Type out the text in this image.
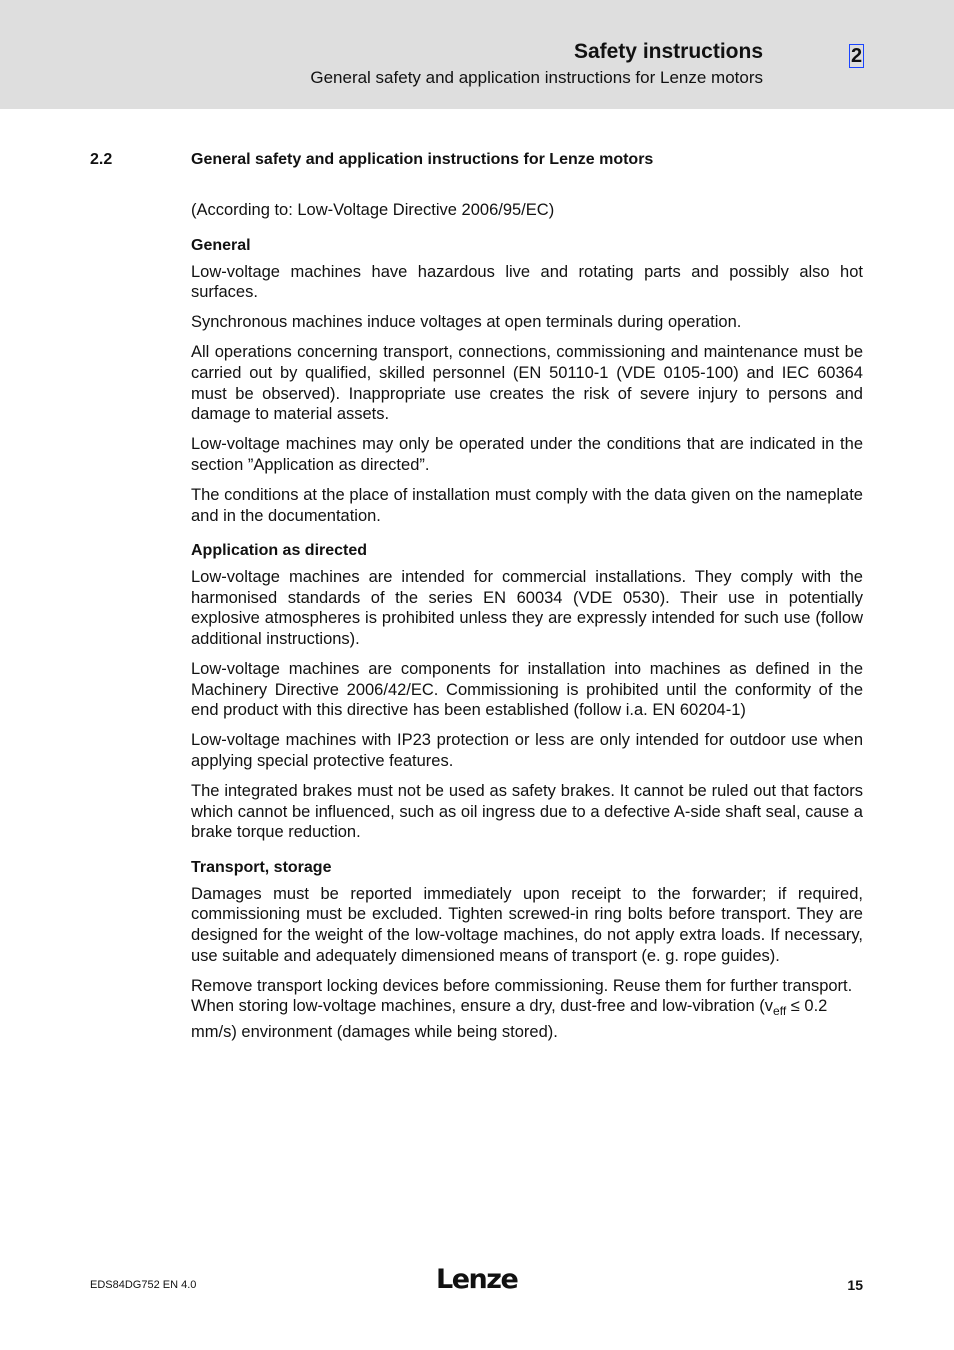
Safety instructions
General safety and application instructions for Lenze motors
2
2.2	General safety and application instructions for Lenze motors

(According to: Low-Voltage Directive 2006/95/EC)

General

Low-voltage machines have hazardous live and rotating parts and possibly also hot surfaces.

Synchronous machines induce voltages at open terminals during operation.

All operations concerning transport, connections, commissioning and maintenance must be carried out by qualified, skilled personnel (EN 50110-1 (VDE 0105-100) and IEC 60364 must be observed). Inappropriate use creates the risk of severe injury to persons and damage to material assets.

Low-voltage machines may only be operated under the conditions that are indicated in the section ”Application as directed”.

The conditions at the place of installation must comply with the data given on the nameplate and in the documentation.

Application as directed

Low-voltage machines are intended for commercial installations. They comply with the harmonised standards of the series EN 60034 (VDE 0530). Their use in potentially explosive atmospheres is prohibited unless they are expressly intended for such use (follow additional instructions).

Low-voltage machines are components for installation into machines as defined in the Machinery Directive 2006/42/EC. Commissioning is prohibited until the conformity of the end product with this directive has been established (follow i.a. EN 60204-1)

Low-voltage machines with IP23 protection or less are only intended for outdoor use when applying special protective features.

The integrated brakes must not be used as safety brakes. It cannot be ruled out that factors which cannot be influenced, such as oil ingress due to a defective A-side shaft seal, cause a brake torque reduction.

Transport, storage

Damages must be reported immediately upon receipt to the forwarder; if required, commissioning must be excluded. Tighten screwed-in ring bolts before transport. They are designed for the weight of the low-voltage machines, do not apply extra loads. If necessary, use suitable and adequately dimensioned means of transport (e. g. rope guides).

Remove transport locking devices before commissioning. Reuse them for further transport. When storing low-voltage machines, ensure a dry, dust-free and low-vibration ($v_{eff} \le 0.2$ mm/s) environment (damages while being stored).

EDS84DG752 EN 4.0	Lenze	15
